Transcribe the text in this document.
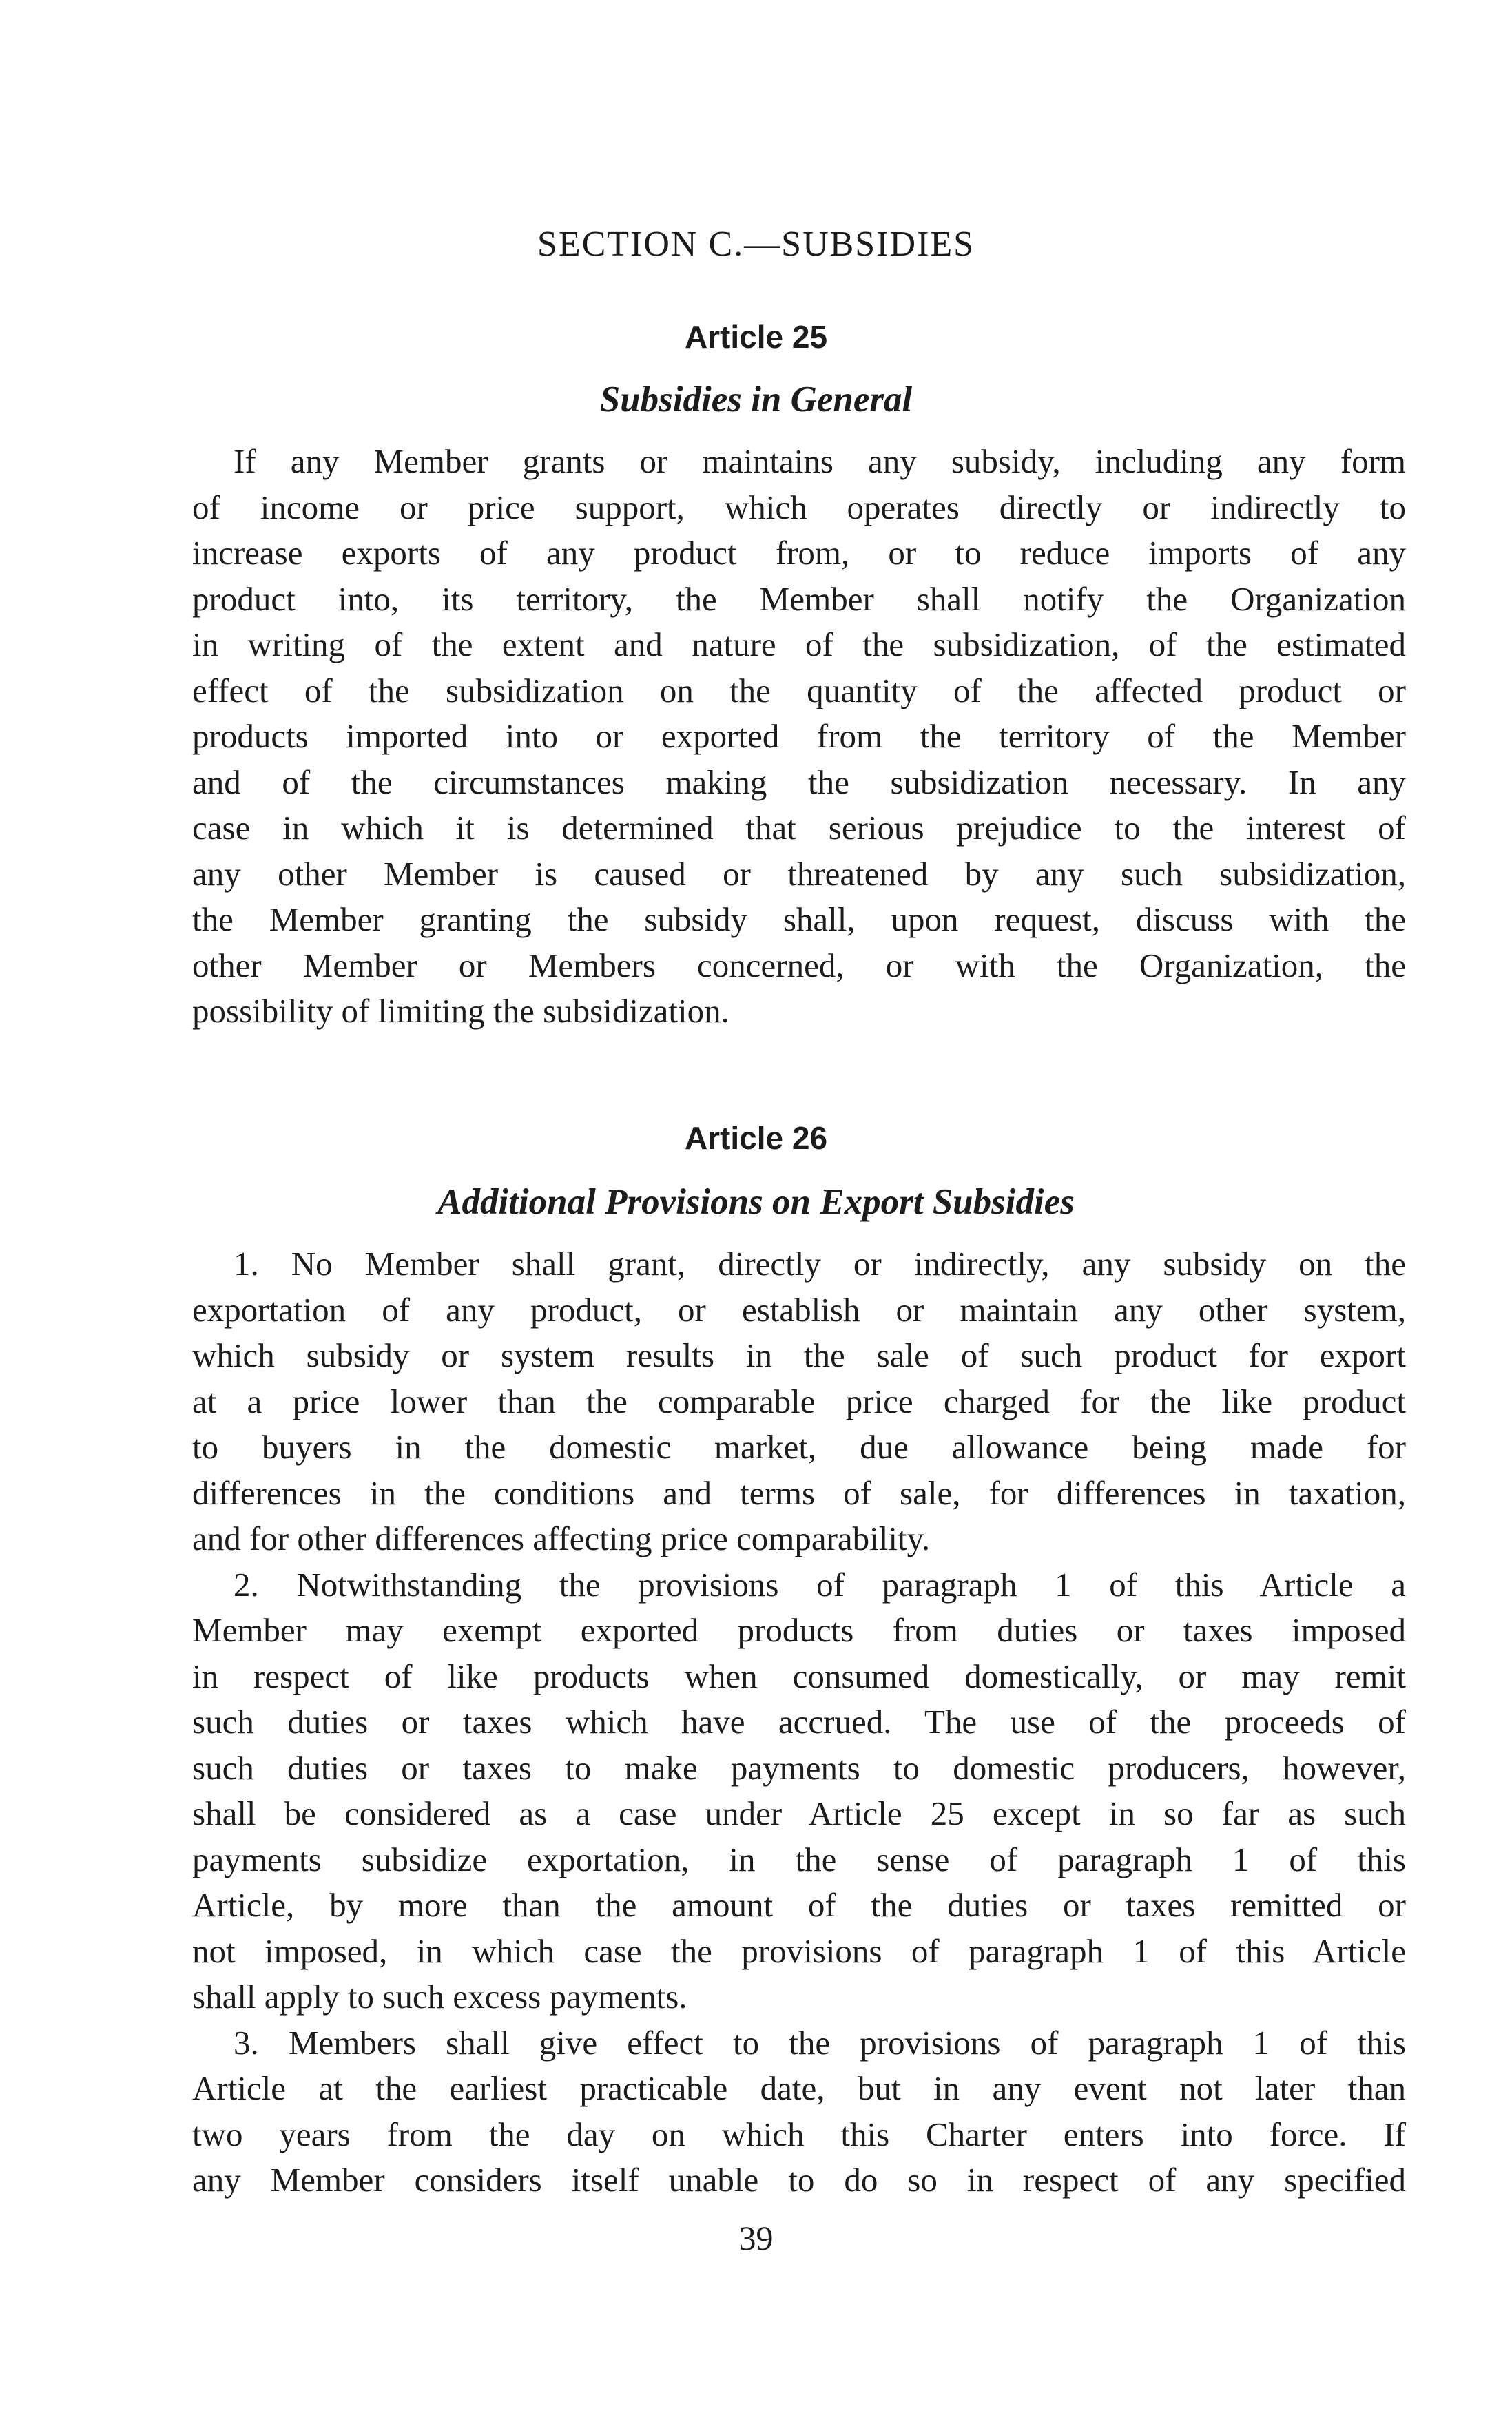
SECTION C.—SUBSIDIES
Article 25
Subsidies in General
If any Member grants or maintains any subsidy, including any form
of income or price support, which operates directly or indirectly to
increase exports of any product from, or to reduce imports of any
product into, its territory, the Member shall notify the Organization
in writing of the extent and nature of the subsidization, of the estimated
effect of the subsidization on the quantity of the affected product or
products imported into or exported from the territory of the Member
and of the circumstances making the subsidization necessary. In any
case in which it is determined that serious prejudice to the interest of
any other Member is caused or threatened by any such subsidization,
the Member granting the subsidy shall, upon request, discuss with the
other Member or Members concerned, or with the Organization, the
possibility of limiting the subsidization.
Article 26
Additional Provisions on Export Subsidies
1. No Member shall grant, directly or indirectly, any subsidy on the
exportation of any product, or establish or maintain any other system,
which subsidy or system results in the sale of such product for export
at a price lower than the comparable price charged for the like product
to buyers in the domestic market, due allowance being made for
differences in the conditions and terms of sale, for differences in taxation,
and for other differences affecting price comparability.
2. Notwithstanding the provisions of paragraph 1 of this Article a
Member may exempt exported products from duties or taxes imposed
in respect of like products when consumed domestically, or may remit
such duties or taxes which have accrued. The use of the proceeds of
such duties or taxes to make payments to domestic producers, however,
shall be considered as a case under Article 25 except in so far as such
payments subsidize exportation, in the sense of paragraph 1 of this
Article, by more than the amount of the duties or taxes remitted or
not imposed, in which case the provisions of paragraph 1 of this Article
shall apply to such excess payments.
3. Members shall give effect to the provisions of paragraph 1 of this
Article at the earliest practicable date, but in any event not later than
two years from the day on which this Charter enters into force. If
any Member considers itself unable to do so in respect of any specified

39
